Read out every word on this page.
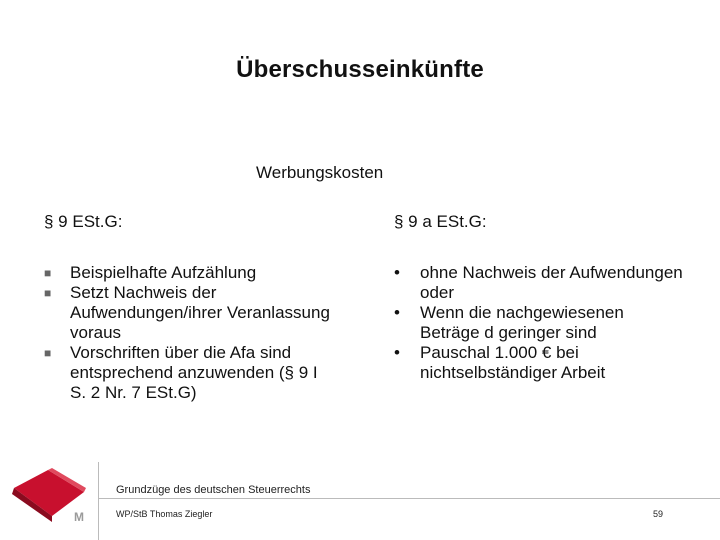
Überschusseinkünfte
Werbungskosten
§ 9 ESt.G:	§ 9 a ESt.G:
■	Beispielhafte Aufzählung
■	Setzt Nachweis der Aufwendungen/ihrer Veranlassung voraus
■	Vorschriften über die Afa sind entsprechend anzuwenden (§ 9 I S. 2 Nr. 7 ESt.G)
•	ohne Nachweis der Aufwendungen oder
•	Wenn die nachgewiesenen Beträge d geringer sind
•	Pauschal 1.000 € bei nichtselbständiger Arbeit
M
Grundzüge des deutschen Steuerrechts
WP/StB Thomas Ziegler	59
